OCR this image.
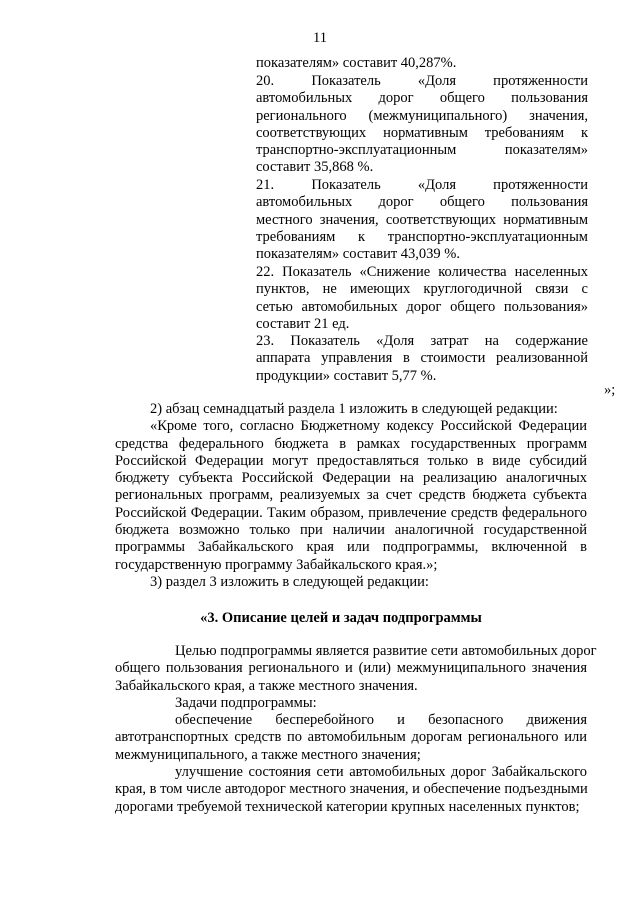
11
показателям» составит 40,287%.
20. Показатель «Доля протяженности
автомобильных дорог общего пользования
регионального (межмуниципального) значения,
соответствующих нормативным требованиям к
транспортно-эксплуатационным показателям»
составит 35,868 %.
21. Показатель «Доля протяженности
автомобильных дорог общего пользования
местного значения, соответствующих нормативным
требованиям к транспортно-эксплуатационным
показателям» составит 43,039 %.
22. Показатель «Снижение количества населенных
пунктов, не имеющих круглогодичной связи с
сетью автомобильных дорог общего пользования»
составит 21 ед.
23. Показатель «Доля затрат на содержание
аппарата управления в стоимости реализованной
продукции» составит 5,77 %.
»;
2) абзац семнадцатый раздела 1 изложить в следующей редакции:
«Кроме того, согласно Бюджетному кодексу Российской Федерации
средства федерального бюджета в рамках государственных программ
Российской Федерации могут предоставляться только в виде субсидий
бюджету субъекта Российской Федерации на реализацию аналогичных
региональных программ, реализуемых за счет средств бюджета субъекта
Российской Федерации. Таким образом, привлечение средств федерального
бюджета возможно только при наличии аналогичной государственной
программы Забайкальского края или подпрограммы, включенной в
государственную программу Забайкальского края.»;
3) раздел 3 изложить в следующей редакции:
«3. Описание целей и задач подпрограммы
Целью подпрограммы является развитие сети автомобильных дорог
общего пользования регионального и (или) межмуниципального значения
Забайкальского края, а также местного значения.
Задачи подпрограммы:
обеспечение бесперебойного и безопасного движения
автотранспортных средств по автомобильным дорогам регионального или
межмуниципального, а также местного значения;
улучшение состояния сети автомобильных дорог Забайкальского
края, в том числе автодорог местного значения, и обеспечение подъездными
дорогами требуемой технической категории крупных населенных пунктов;
